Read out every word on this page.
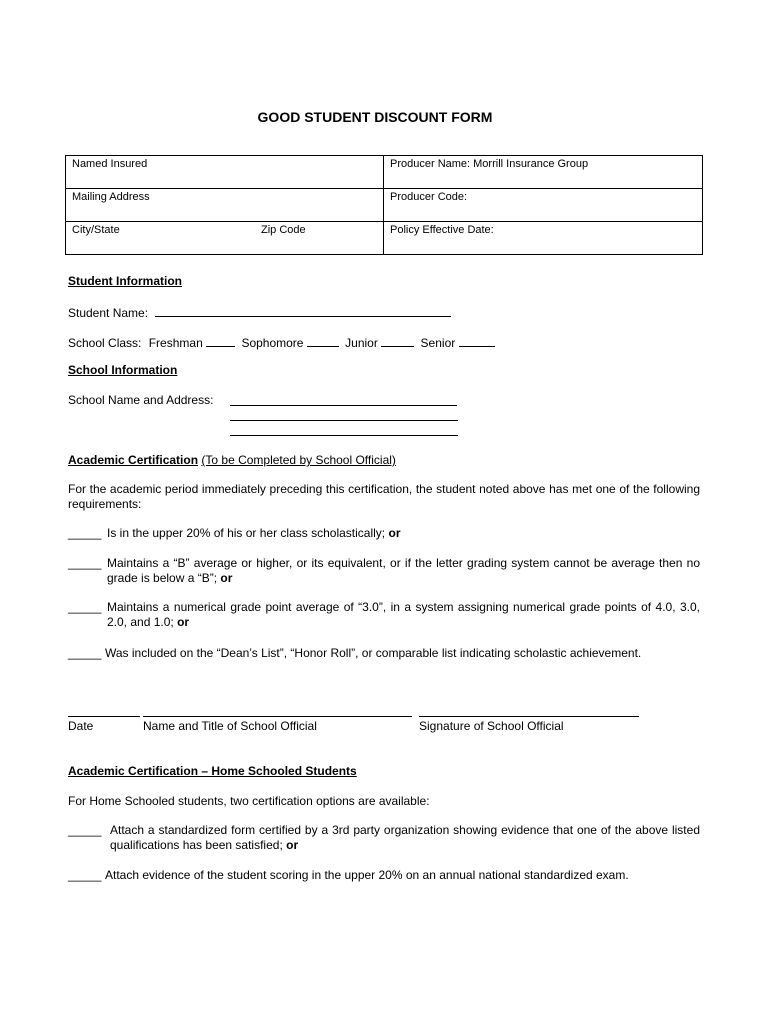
GOOD STUDENT DISCOUNT FORM
Named Insured	Producer Name: Morrill Insurance Group
Mailing Address	Producer Code:
City/State Zip Code	Policy Effective Date:
Student Information
Student Name:
School Class: Freshman	Sophomore	Junior	Senior
School Information
School Name and Address:
Academic Certification (To be Completed by School Official)
For the academic period immediately preceding this certification, the student noted above has met one of the following requirements:
_____ Is in the upper 20% of his or her class scholastically; or
_____ Maintains a “B” average or higher, or its equivalent, or if the letter grading system cannot be average then no grade is below a “B”; or
_____ Maintains a numerical grade point average of “3.0”, in a system assigning numerical grade points of 4.0, 3.0, 2.0, and 1.0; or
_____ Was included on the “Dean’s List”, “Honor Roll”, or comparable list indicating scholastic achievement.
Date	Name and Title of School Official	Signature of School Official
Academic Certification – Home Schooled Students
For Home Schooled students, two certification options are available:
_____ Attach a standardized form certified by a 3rd party organization showing evidence that one of the above listed qualifications has been satisfied; or
_____ Attach evidence of the student scoring in the upper 20% on an annual national standardized exam.
